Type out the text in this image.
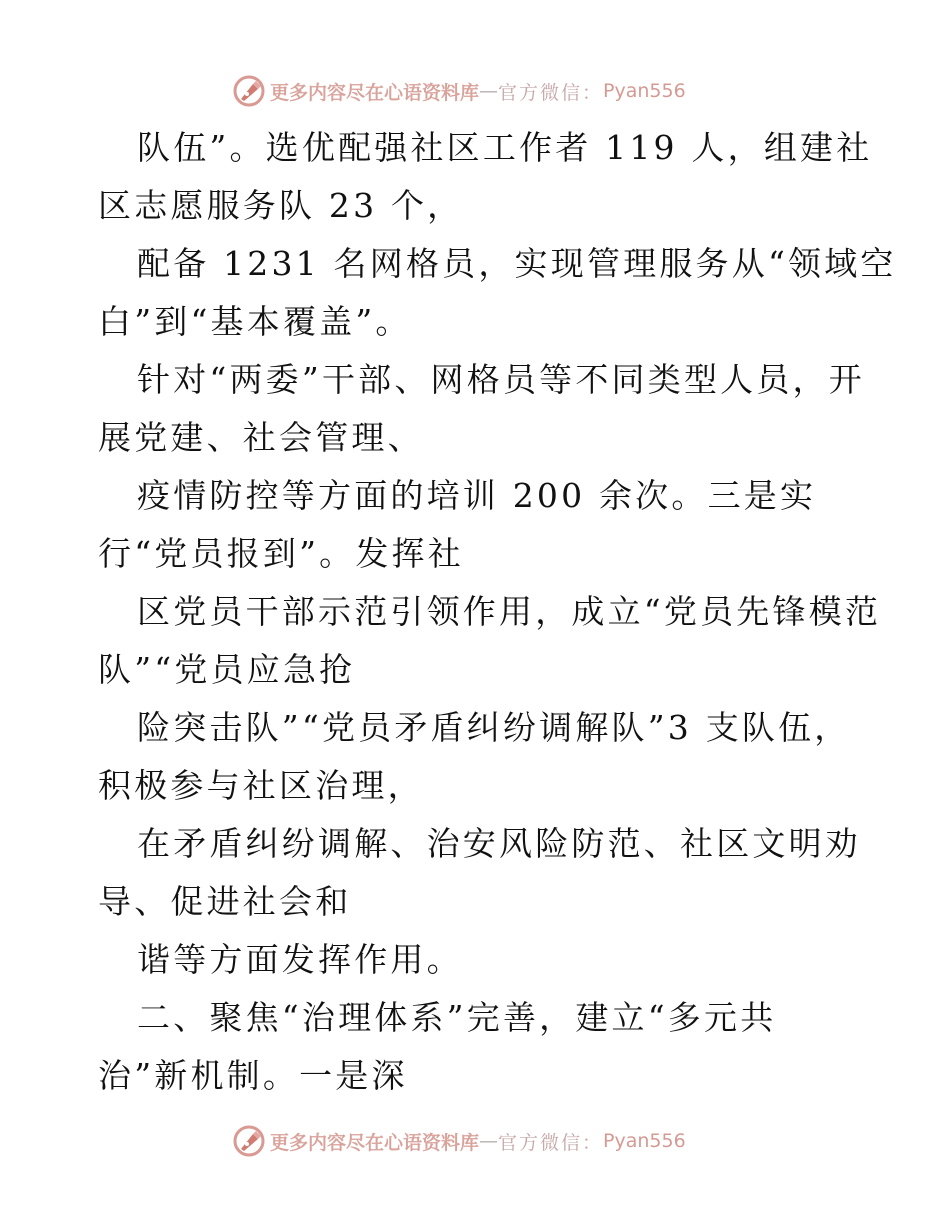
更多内容尽在心语资料库 — 官方微信： Pyan556
队伍”。选优配强社区工作者 119 人，组建社
区志愿服务队 23 个，
配备 1231 名网格员，实现管理服务从“领域空
白”到“基本覆盖”。
针对“两委”干部、网格员等不同类型人员，开
展党建、社会管理、
疫情防控等方面的培训 200 余次。三是实
行“党员报到”。发挥社
区党员干部示范引领作用，成立“党员先锋模范
队”“党员应急抢
险突击队”“党员矛盾纠纷调解队”3 支队伍，
积极参与社区治理，
在矛盾纠纷调解、治安风险防范、社区文明劝
导、促进社会和
谐等方面发挥作用。
二、聚焦“治理体系”完善，建立“多元共
治”新机制。一是深
更多内容尽在心语资料库 — 官方微信： Pyan556
